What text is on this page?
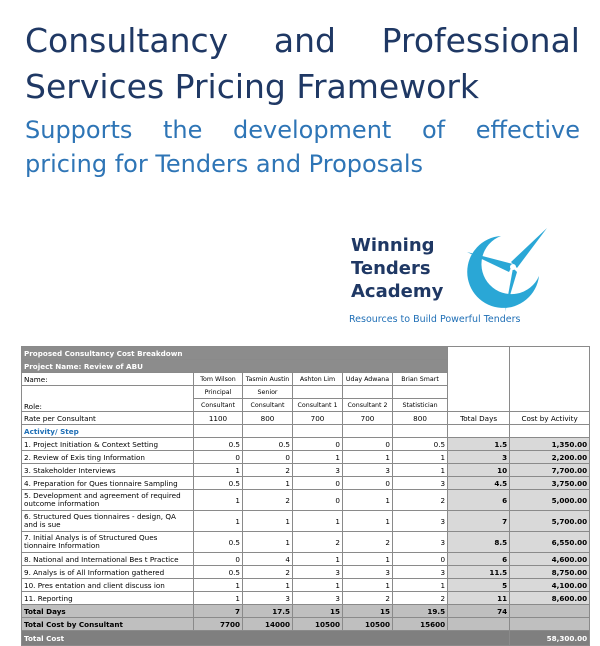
Consultancy and Professional
Services Pricing Framework
Supports the development of effective
pricing for Tenders and Proposals
Winning
Tenders
Academy
Resources to Build Powerful Tenders
Proposed Consultancy Cost Breakdown							
Project Name: Review of ABU							
Name:	Tom Wilson	Tasmin Austin	Ashton Lim	Uday Adwana	Brian Smart		
Role:	Principal	Senior					
	Consultant	Consultant	Consultant 1	Consultant 2	Statistician		
Rate per Consultant	1100	800	700	700	800	Total Days	Cost by Activity
Activity/ Step							
1. Project Initiation & Context Setting	0.5	0.5	0	0	0.5	1.5	1,350.00
2. Review of Exis ting Information	0	0	1	1	1	3	2,200.00
3. Stakeholder Interviews	1	2	3	3	1	10	7,700.00
4. Preparation for Ques tionnaire Sampling	0.5	1	0	0	3	4.5	3,750.00
5. Development and agreement of required outcome information	1	2	0	1	2	6	5,000.00
6. Structured Ques tionnaires - design, QA and is sue	1	1	1	1	3	7	5,700.00
7. Initial Analys is of Structured Ques tionnaire Information	0.5	1	2	2	3	8.5	6,550.00
8. National and International Bes t Practice	0	4	1	1	0	6	4,600.00
9. Analys is of All Information gathered	0.5	2	3	3	3	11.5	8,750.00
10. Pres entation and client discuss ion	1	1	1	1	1	5	4,100.00
11. Reporting	1	3	3	2	2	11	8,600.00
Total Days	7	17.5	15	15	19.5	74	
Total Cost by Consultant	7700	14000	10500	10500	15600		
Total Cost							58,300.00
